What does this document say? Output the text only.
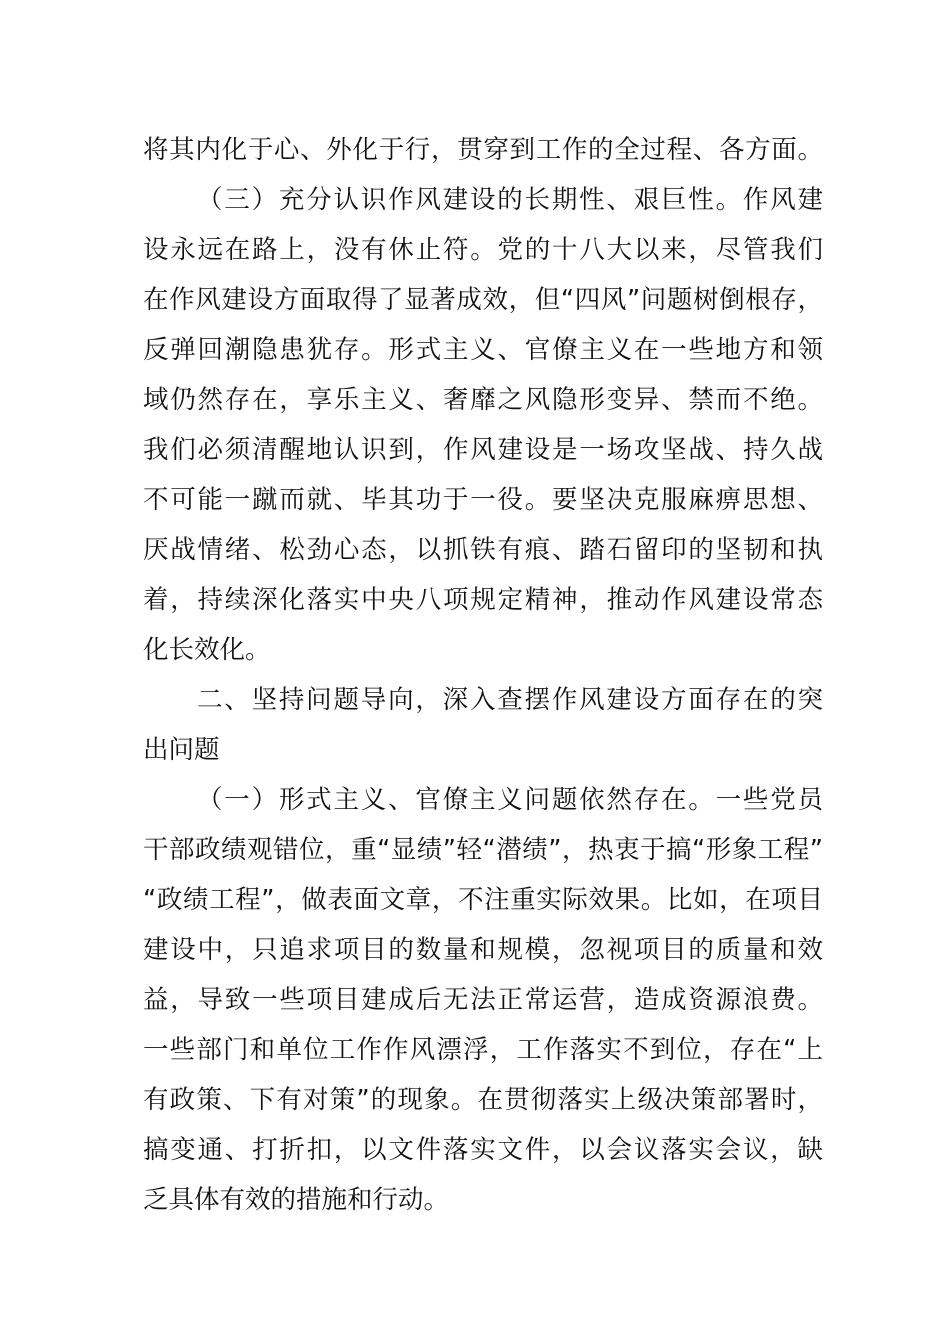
将其内化于心、外化于行，贯穿到工作的全过程、各方面。

（三）充分认识作风建设的长期性、艰巨性。作风建

设永远在路上，没有休止符。党的十八大以来，尽管我们

在作风建设方面取得了显著成效，但“四风”问题树倒根存，

反弹回潮隐患犹存。形式主义、官僚主义在一些地方和领

域仍然存在，享乐主义、奢靡之风隐形变异、禁而不绝。

我们必须清醒地认识到，作风建设是一场攻坚战、持久战

不可能一蹴而就、毕其功于一役。要坚决克服麻痹思想、

厌战情绪、松劲心态，以抓铁有痕、踏石留印的坚韧和执

着，持续深化落实中央八项规定精神，推动作风建设常态

化长效化。

二、坚持问题导向，深入查摆作风建设方面存在的突

出问题

（一）形式主义、官僚主义问题依然存在。一些党员

干部政绩观错位，重“显绩”轻“潜绩”，热衷于搞“形象工程”

“政绩工程”，做表面文章，不注重实际效果。比如，在项目

建设中，只追求项目的数量和规模，忽视项目的质量和效

益，导致一些项目建成后无法正常运营，造成资源浪费。

一些部门和单位工作作风漂浮，工作落实不到位，存在“上

有政策、下有对策”的现象。在贯彻落实上级决策部署时，

搞变通、打折扣，以文件落实文件，以会议落实会议，缺

乏具体有效的措施和行动。
